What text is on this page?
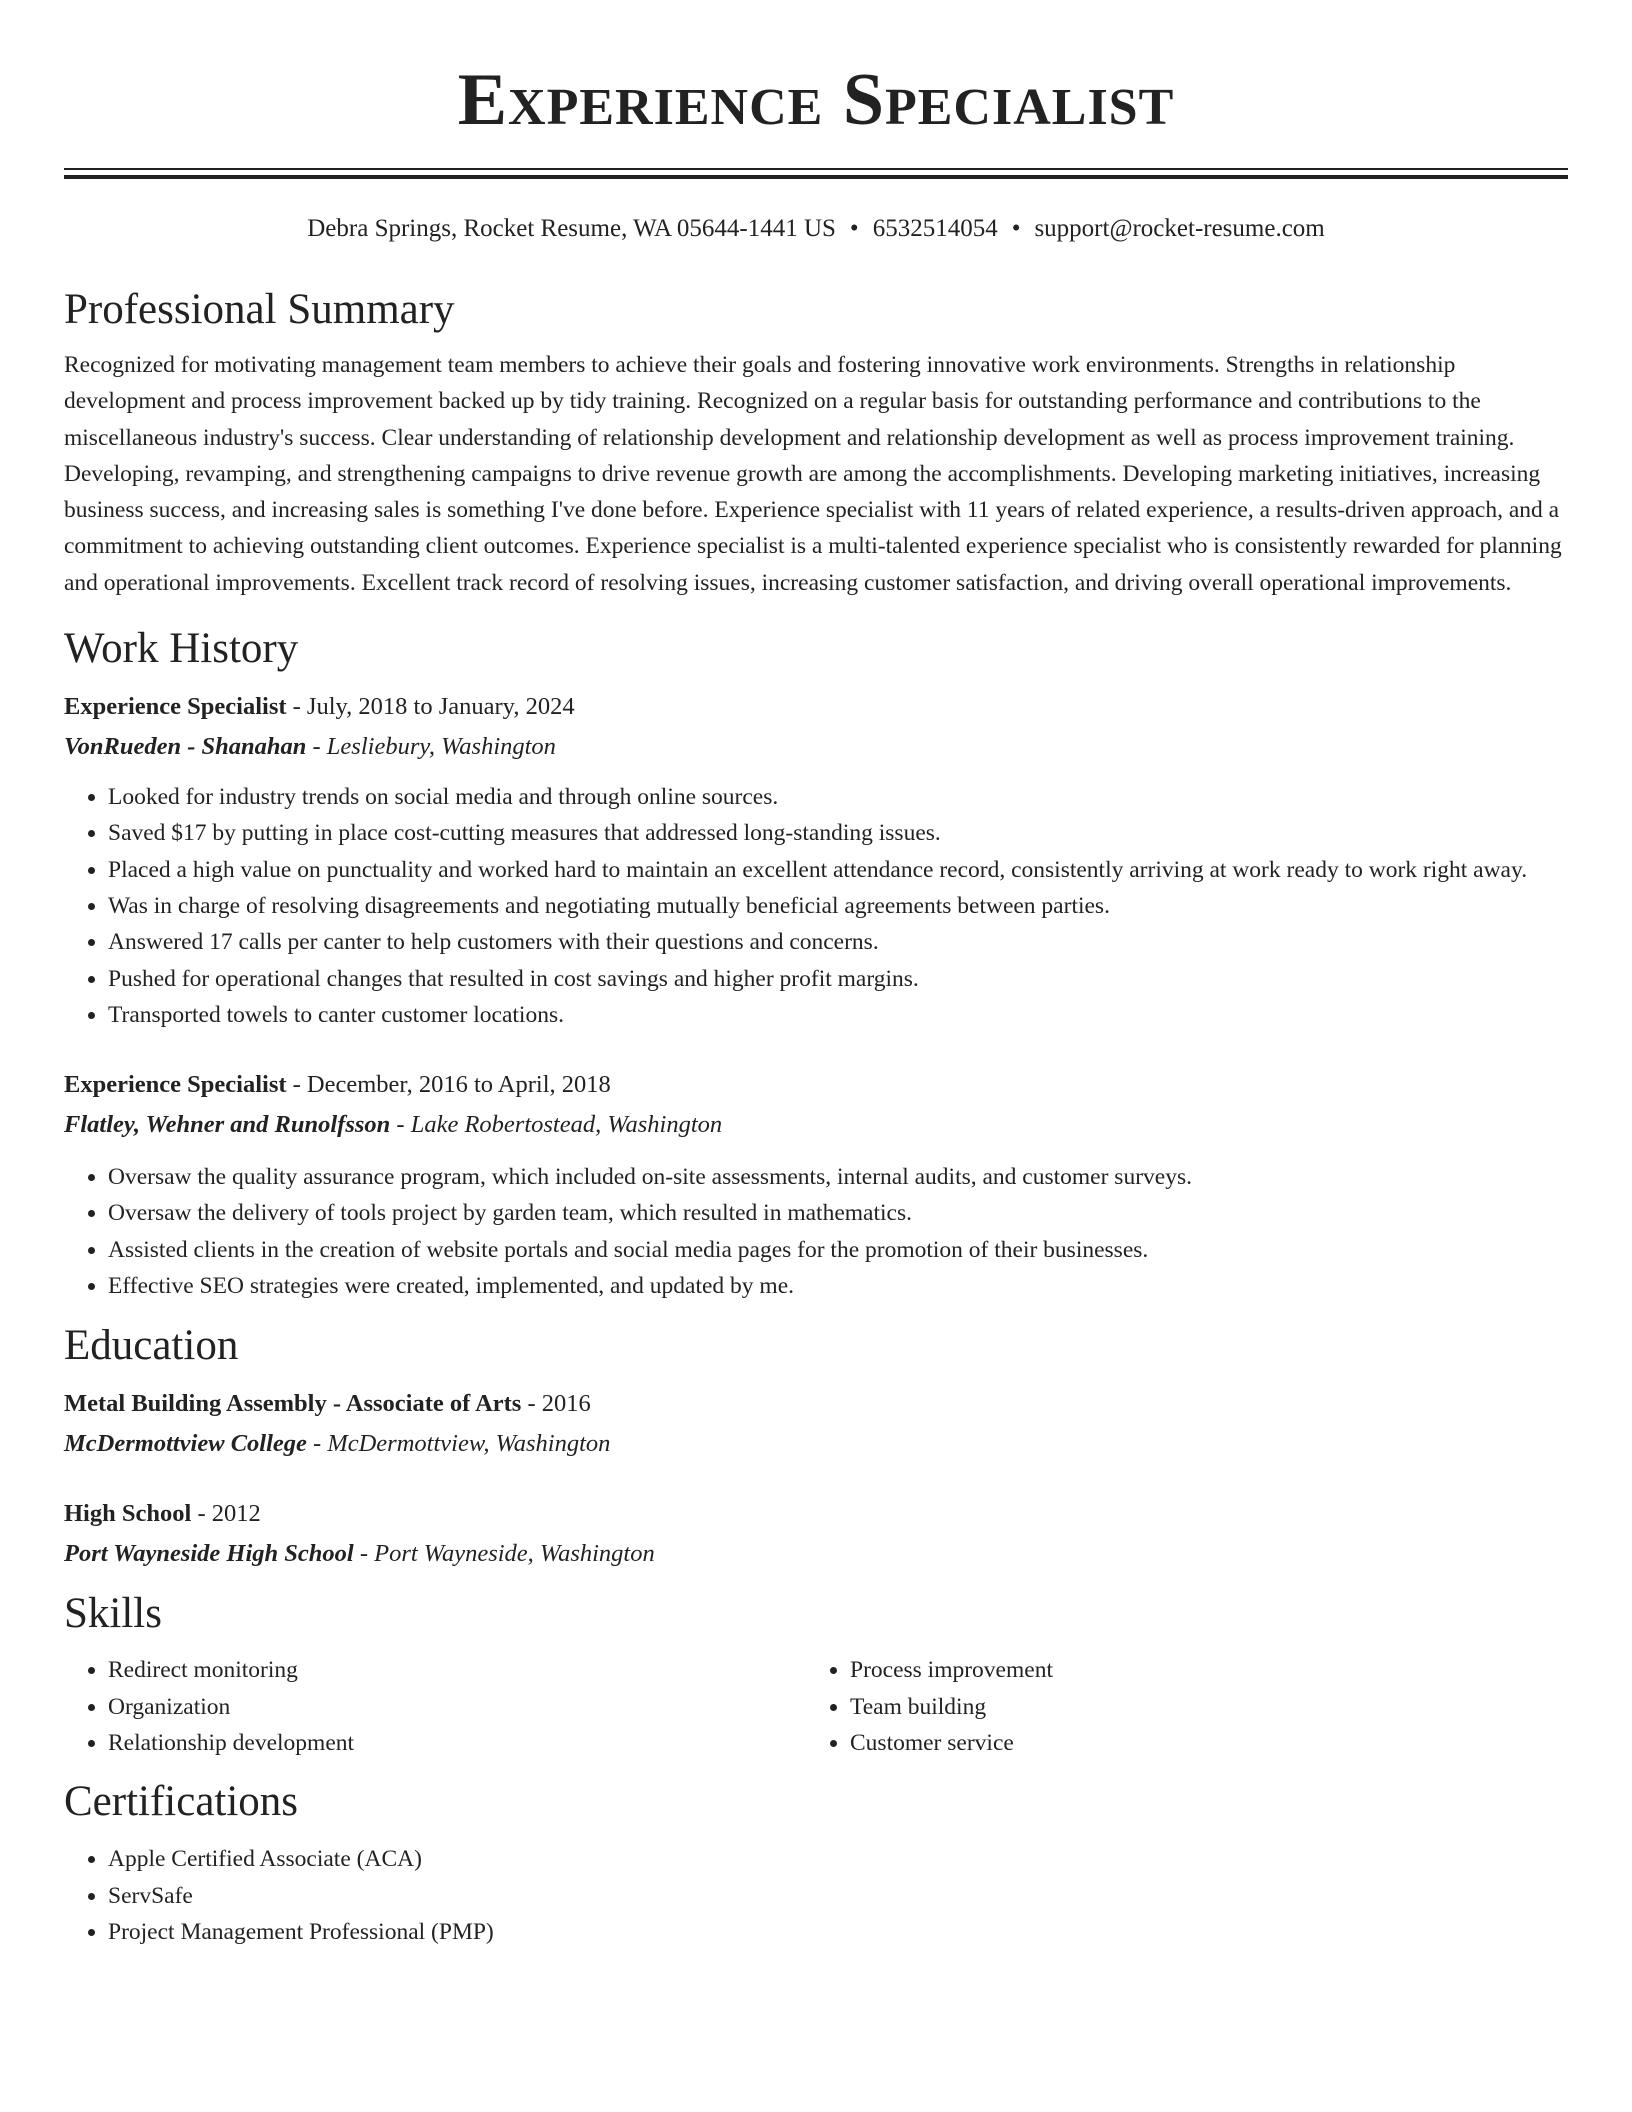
Experience Specialist
Debra Springs, Rocket Resume, WA 05644-1441 US • 6532514054 • support@rocket-resume.com
Professional Summary

Recognized for motivating management team members to achieve their goals and fostering innovative work environments. Strengths in relationship development and process improvement backed up by tidy training. Recognized on a regular basis for outstanding performance and contributions to the miscellaneous industry's success. Clear understanding of relationship development and relationship development as well as process improvement training. Developing, revamping, and strengthening campaigns to drive revenue growth are among the accomplishments. Developing marketing initiatives, increasing business success, and increasing sales is something I've done before. Experience specialist with 11 years of related experience, a results-driven approach, and a commitment to achieving outstanding client outcomes. Experience specialist is a multi-talented experience specialist who is consistently rewarded for planning and operational improvements. Excellent track record of resolving issues, increasing customer satisfaction, and driving overall operational improvements.

Work History
Experience Specialist - July, 2018 to January, 2024
VonRueden - Shanahan - Lesliebury, Washington
• Looked for industry trends on social media and through online sources.
• Saved $17 by putting in place cost-cutting measures that addressed long-standing issues.
• Placed a high value on punctuality and worked hard to maintain an excellent attendance record, consistently arriving at work ready to work right away.
• Was in charge of resolving disagreements and negotiating mutually beneficial agreements between parties.
• Answered 17 calls per canter to help customers with their questions and concerns.
• Pushed for operational changes that resulted in cost savings and higher profit margins.
• Transported towels to canter customer locations.
Experience Specialist - December, 2016 to April, 2018
Flatley, Wehner and Runolfsson - Lake Robertostead, Washington
• Oversaw the quality assurance program, which included on-site assessments, internal audits, and customer surveys.
• Oversaw the delivery of tools project by garden team, which resulted in mathematics.
• Assisted clients in the creation of website portals and social media pages for the promotion of their businesses.
• Effective SEO strategies were created, implemented, and updated by me.
Education
Metal Building Assembly - Associate of Arts - 2016
McDermottview College - McDermottview, Washington
High School - 2012
Port Wayneside High School - Port Wayneside, Washington
Skills
• Redirect monitoring
• Organization
• Relationship development
• Process improvement
• Team building
• Customer service
Certifications
• Apple Certified Associate (ACA)
• ServSafe
• Project Management Professional (PMP)
